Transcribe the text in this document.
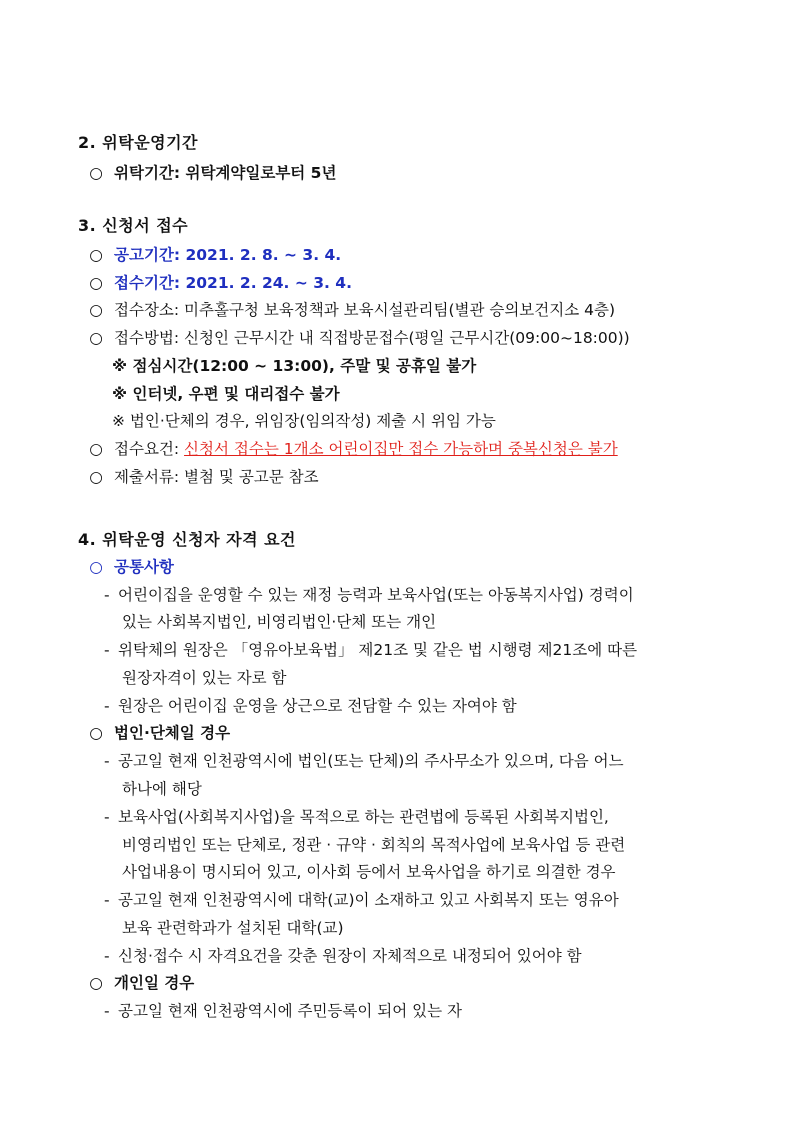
2. 위탁운영기간
○ 위탁기간: 위탁계약일로부터 5년
3. 신청서 접수
○ 공고기간: 2021. 2. 8. ~ 3. 4.
○ 접수기간: 2021. 2. 24. ~ 3. 4.
○ 접수장소: 미추홀구청 보육정책과 보육시설관리팀(별관 승의보건지소 4층)
○ 접수방법: 신청인 근무시간 내 직접방문접수(평일 근무시간(09:00~18:00))
※ 점심시간(12:00 ~ 13:00), 주말 및 공휴일 불가
※ 인터넷, 우편 및 대리접수 불가
※ 법인·단체의 경우, 위임장(임의작성) 제출 시 위임 가능
○ 접수요건: 신청서 접수는 1개소 어린이집만 접수 가능하며 중복신청은 불가
○ 제출서류: 별첨 및 공고문 참조
4. 위탁운영 신청자 자격 요건
○ 공통사항
- 어린이집을 운영할 수 있는 재정 능력과 보육사업(또는 아동복지사업) 경력이
있는 사회복지법인, 비영리법인·단체 또는 개인
- 위탁체의 원장은 「영유아보육법」 제21조 및 같은 법 시행령 제21조에 따른
원장자격이 있는 자로 함
- 원장은 어린이집 운영을 상근으로 전담할 수 있는 자여야 함
○ 법인·단체일 경우
- 공고일 현재 인천광역시에 법인(또는 단체)의 주사무소가 있으며, 다음 어느
하나에 해당
- 보육사업(사회복지사업)을 목적으로 하는 관련법에 등록된 사회복지법인,
비영리법인 또는 단체로, 정관 · 규약 · 회칙의 목적사업에 보육사업 등 관련
사업내용이 명시되어 있고, 이사회 등에서 보육사업을 하기로 의결한 경우
- 공고일 현재 인천광역시에 대학(교)이 소재하고 있고 사회복지 또는 영유아
보육 관련학과가 설치된 대학(교)
- 신청·접수 시 자격요건을 갖춘 원장이 자체적으로 내정되어 있어야 함
○ 개인일 경우
- 공고일 현재 인천광역시에 주민등록이 되어 있는 자
